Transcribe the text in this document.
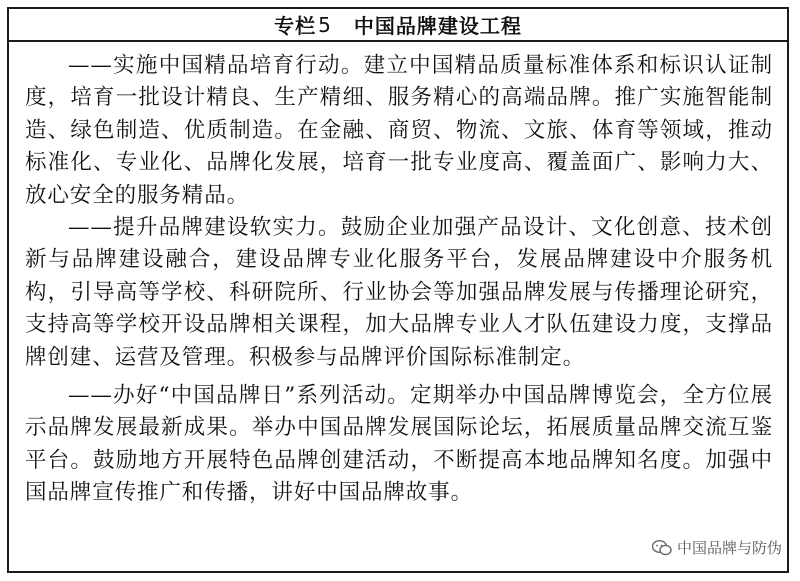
专栏 5 中国品牌建设工程

——实施中国精品培育行动。建立中国精品质量标准体系和标识认证制度，培育一批设计精良、生产精细、服务精心的高端品牌。推广实施智能制造、绿色制造、优质制造。在金融、商贸、物流、文旅、体育等领域，推动标准化、专业化、品牌化发展，培育一批专业度高、覆盖面广、影响力大、放心安全的服务精品。

——提升品牌建设软实力。鼓励企业加强产品设计、文化创意、技术创新与品牌建设融合，建设品牌专业化服务平台，发展品牌建设中介服务机构，引导高等学校、科研院所、行业协会等加强品牌发展与传播理论研究，支持高等学校开设品牌相关课程，加大品牌专业人才队伍建设力度，支撑品牌创建、运营及管理。积极参与品牌评价国际标准制定。

——办好“中国品牌日”系列活动。定期举办中国品牌博览会，全方位展示品牌发展最新成果。举办中国品牌发展国际论坛，拓展质量品牌交流互鉴平台。鼓励地方开展特色品牌创建活动，不断提高本地品牌知名度。加强中国品牌宣传推广和传播，讲好中国品牌故事。

中国品牌与防伪
